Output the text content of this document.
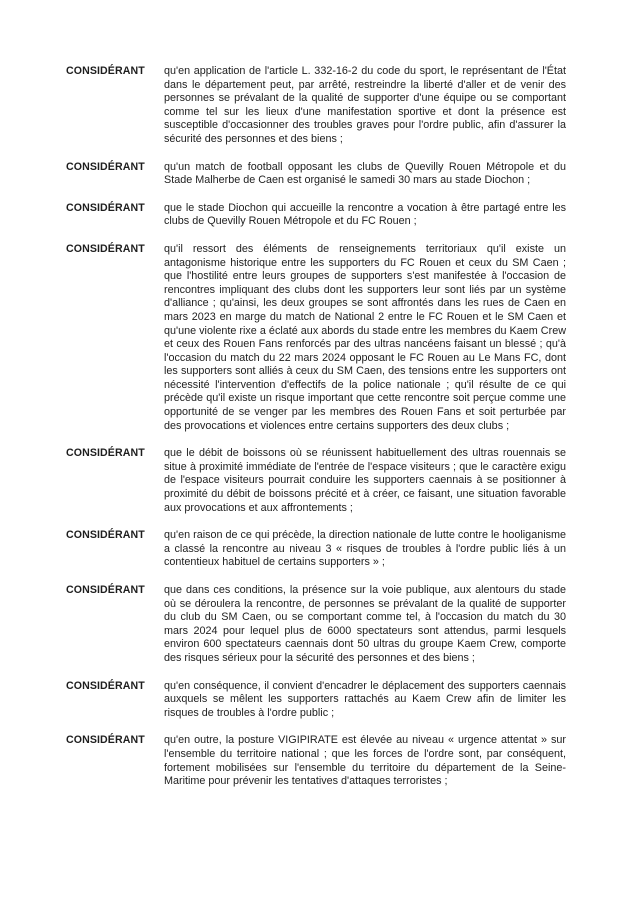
CONSIDÉRANT	qu'en application de l'article L. 332-16-2 du code du sport, le représentant de l'État dans le département peut, par arrêté, restreindre la liberté d'aller et de venir des personnes se prévalant de la qualité de supporter d'une équipe ou se comportant comme tel sur les lieux d'une manifestation sportive et dont la présence est susceptible d'occasionner des troubles graves pour l'ordre public, afin d'assurer la sécurité des personnes et des biens ;
CONSIDÉRANT	qu'un match de football opposant les clubs de Quevilly Rouen Métropole et du Stade Malherbe de Caen est organisé le samedi 30 mars au stade Diochon ;
CONSIDÉRANT	que le stade Diochon qui accueille la rencontre a vocation à être partagé entre les clubs de Quevilly Rouen Métropole et du FC Rouen ;
CONSIDÉRANT	qu'il ressort des éléments de renseignements territoriaux qu'il existe un antagonisme historique entre les supporters du FC Rouen et ceux du SM Caen ; que l'hostilité entre leurs groupes de supporters s'est manifestée à l'occasion de rencontres impliquant des clubs dont les supporters leur sont liés par un système d'alliance ; qu'ainsi, les deux groupes se sont affrontés dans les rues de Caen en mars 2023 en marge du match de National 2 entre le FC Rouen et le SM Caen et qu'une violente rixe a éclaté aux abords du stade entre les membres du Kaem Crew et ceux des Rouen Fans renforcés par des ultras nancéens faisant un blessé ; qu'à l'occasion du match du 22 mars 2024 opposant le FC Rouen au Le Mans FC, dont les supporters sont alliés à ceux du SM Caen, des tensions entre les supporters ont nécessité l'intervention d'effectifs de la police nationale ; qu'il résulte de ce qui précède qu'il existe un risque important que cette rencontre soit perçue comme une opportunité de se venger par les membres des Rouen Fans et soit perturbée par des provocations et violences entre certains supporters des deux clubs ;
CONSIDÉRANT	que le débit de boissons où se réunissent habituellement des ultras rouennais se situe à proximité immédiate de l'entrée de l'espace visiteurs ; que le caractère exigu de l'espace visiteurs pourrait conduire les supporters caennais à se positionner à proximité du débit de boissons précité et à créer, ce faisant, une situation favorable aux provocations et aux affrontements ;
CONSIDÉRANT	qu'en raison de ce qui précède, la direction nationale de lutte contre le hooliganisme a classé la rencontre au niveau 3 « risques de troubles à l'ordre public liés à un contentieux habituel de certains supporters » ;
CONSIDÉRANT	que dans ces conditions, la présence sur la voie publique, aux alentours du stade où se déroulera la rencontre, de personnes se prévalant de la qualité de supporter du club du SM Caen, ou se comportant comme tel, à l'occasion du match du 30 mars 2024 pour lequel plus de 6000 spectateurs sont attendus, parmi lesquels environ 600 spectateurs caennais dont 50 ultras du groupe Kaem Crew, comporte des risques sérieux pour la sécurité des personnes et des biens ;
CONSIDÉRANT	qu'en conséquence, il convient d'encadrer le déplacement des supporters caennais auxquels se mêlent les supporters rattachés au Kaem Crew afin de limiter les risques de troubles à l'ordre public ;
CONSIDÉRANT	qu'en outre, la posture VIGIPIRATE est élevée au niveau « urgence attentat » sur l'ensemble du territoire national ; que les forces de l'ordre sont, par conséquent, fortement mobilisées sur l'ensemble du territoire du département de la Seine-Maritime pour prévenir les tentatives d'attaques terroristes ;
